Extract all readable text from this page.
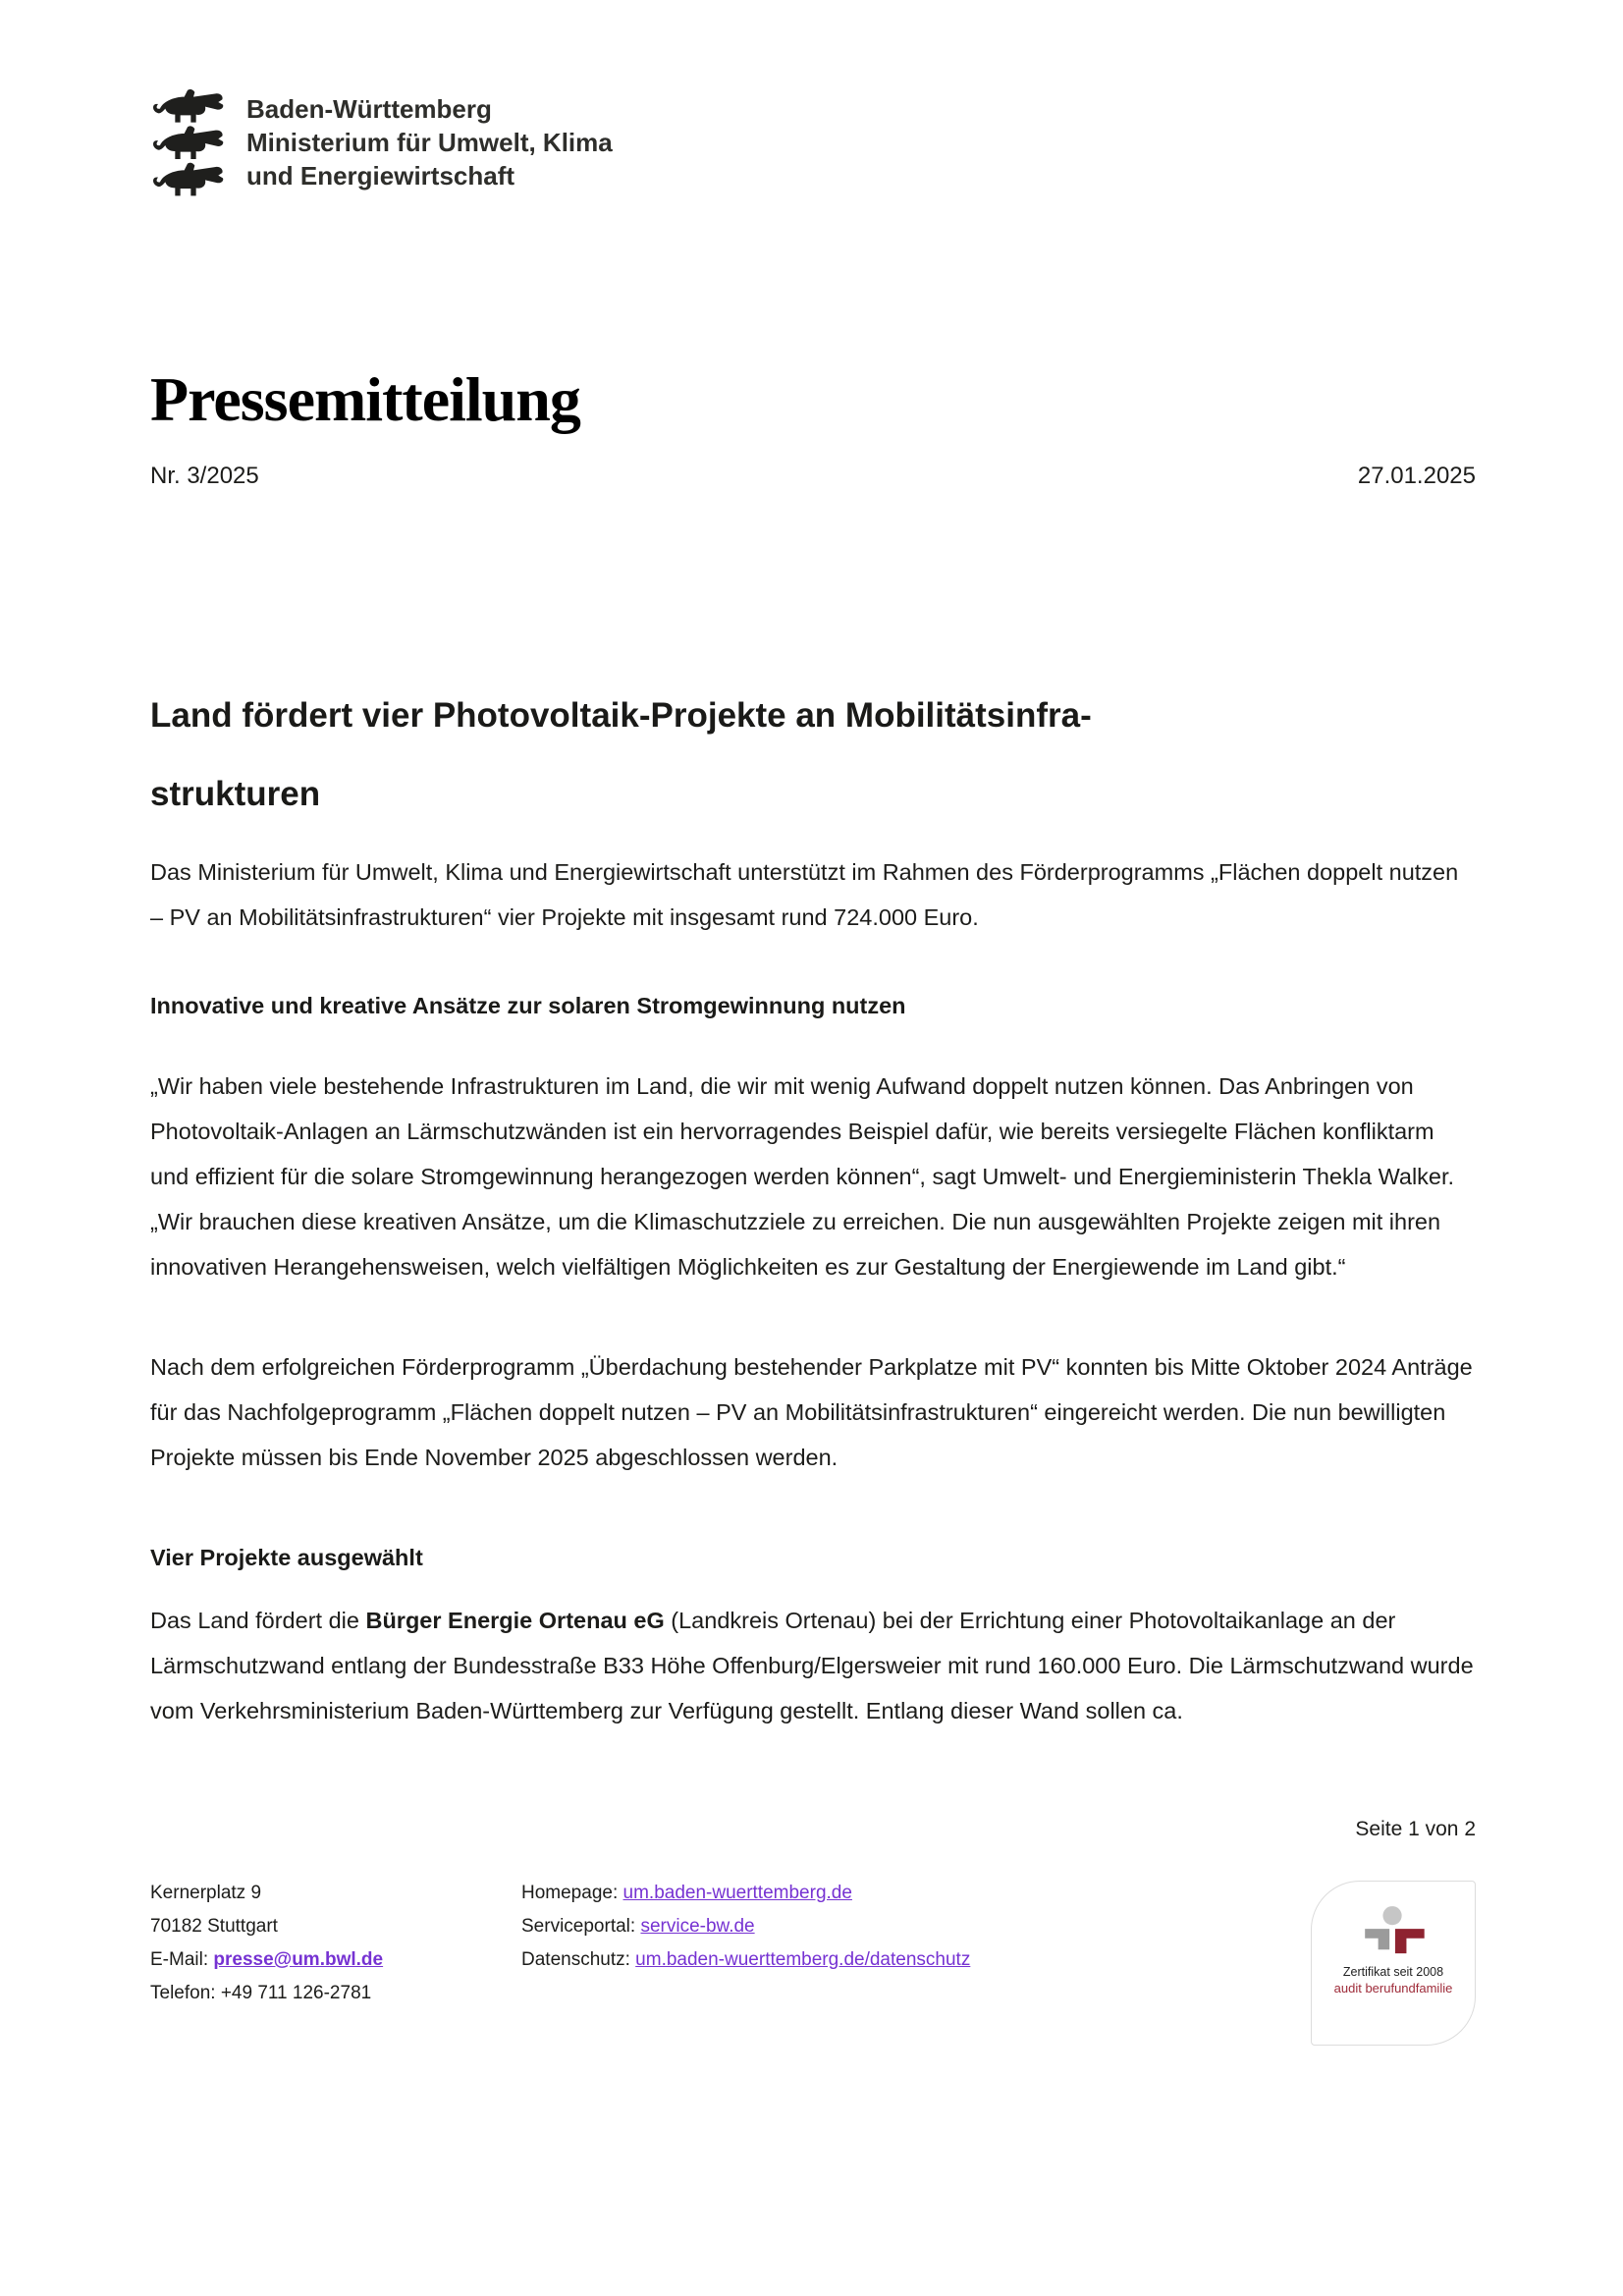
Baden-Württemberg
Ministerium für Umwelt, Klima
und Energiewirtschaft
Pressemitteilung
Nr. 3/2025	27.01.2025
Land fördert vier Photovoltaik-Projekte an Mobilitätsinfra-
strukturen

Das Ministerium für Umwelt, Klima und Energiewirtschaft unterstützt im Rahmen des Förderprogramms „Flächen doppelt nutzen – PV an Mobilitätsinfrastrukturen“ vier Projekte mit insgesamt rund 724.000 Euro.

Innovative und kreative Ansätze zur solaren Stromgewinnung nutzen

„Wir haben viele bestehende Infrastrukturen im Land, die wir mit wenig Aufwand doppelt nutzen können. Das Anbringen von Photovoltaik-Anlagen an Lärmschutzwänden ist ein hervorragendes Beispiel dafür, wie bereits versiegelte Flächen konfliktarm und effizient für die solare Stromgewinnung herangezogen werden können“, sagt Umwelt- und Energieministerin Thekla Walker. „Wir brauchen diese kreativen Ansätze, um die Klimaschutzziele zu erreichen. Die nun ausgewählten Projekte zeigen mit ihren innovativen Herangehensweisen, welch vielfältigen Möglichkeiten es zur Gestaltung der Energiewende im Land gibt.“

Nach dem erfolgreichen Förderprogramm „Überdachung bestehender Parkplatze mit PV“ konnten bis Mitte Oktober 2024 Anträge für das Nachfolgeprogramm „Flächen doppelt nutzen – PV an Mobilitätsinfrastrukturen“ eingereicht werden. Die nun bewilligten Projekte müssen bis Ende November 2025 abgeschlossen werden.

Vier Projekte ausgewählt

Das Land fördert die Bürger Energie Ortenau eG (Landkreis Ortenau) bei der Errichtung einer Photovoltaikanlage an der Lärmschutzwand entlang der Bundesstraße B33 Höhe Offenburg/Elgersweier mit rund 160.000 Euro. Die Lärmschutzwand wurde vom Verkehrsministerium Baden-Württemberg zur Verfügung gestellt. Entlang dieser Wand sollen ca.

Seite 1 von 2
Kernerplatz 9
70182 Stuttgart
E-Mail: presse@um.bwl.de
Telefon: +49 711 126-2781
Homepage: um.baden-wuerttemberg.de
Serviceportal: service-bw.de
Datenschutz: um.baden-wuerttemberg.de/datenschutz
Zertifikat seit 2008
audit berufundfamilie
